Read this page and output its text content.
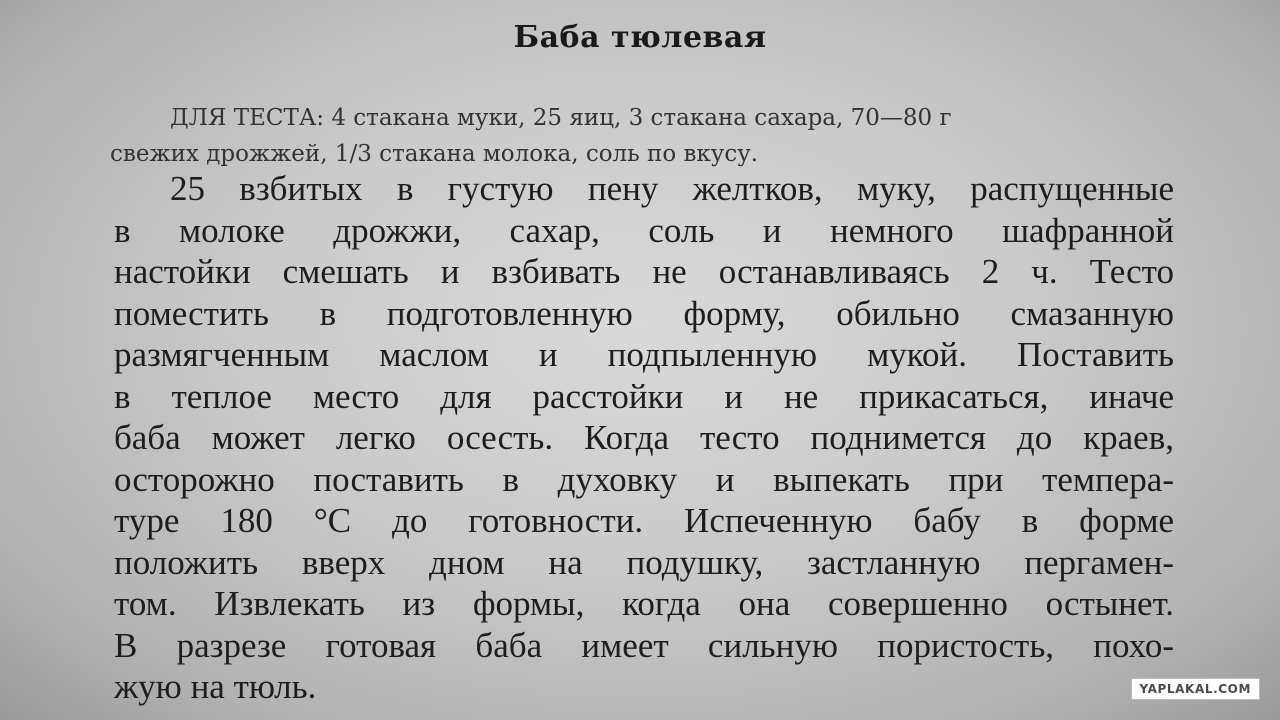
Баба тюлевая
ДЛЯ ТЕСТА: 4 стакана муки, 25 яиц, 3 стакана сахара, 70—80 г
свежих дрожжей, 1/3 стакана молока, соль по вкусу.
25 взбитых в густую пену желтков, муку, распущенные
в молоке дрожжи, сахар, соль и немного шафранной
настойки смешать и взбивать не останавливаясь 2 ч. Тесто
поместить в подготовленную форму, обильно смазанную
размягченным маслом и подпыленную мукой. Поставить
в теплое место для расстойки и не прикасаться, иначе
баба может легко осесть. Когда тесто поднимется до краев,
осторожно поставить в духовку и выпекать при темпера-
туре 180 °С до готовности. Испеченную бабу в форме
положить вверх дном на подушку, застланную пергамен-
том. Извлекать из формы, когда она совершенно остынет.
В разрезе готовая баба имеет сильную пористость, похо-
жую на тюль.	YAPLAKAL.COM
